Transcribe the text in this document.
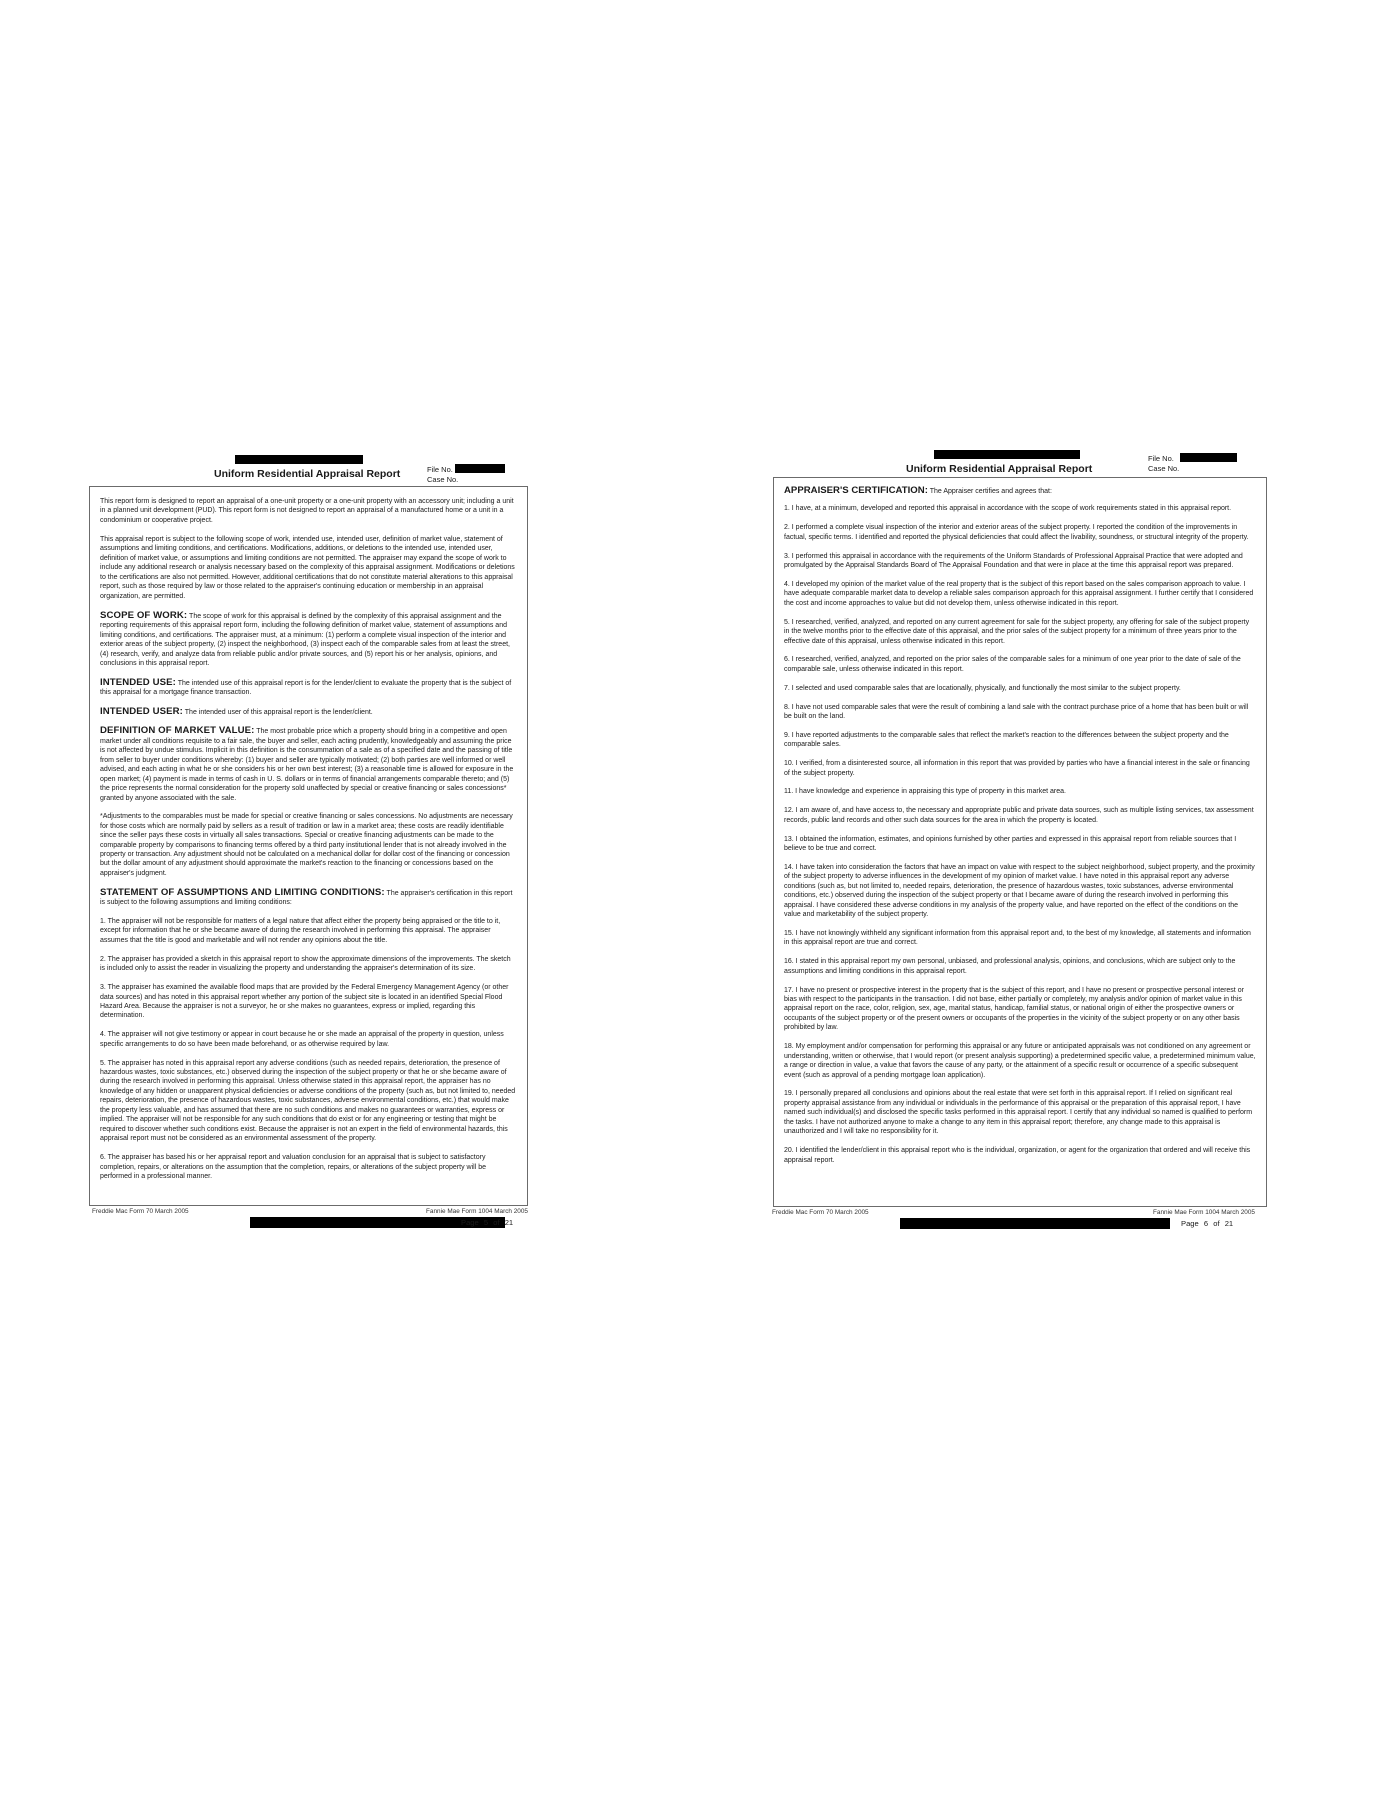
Uniform Residential Appraisal Report	File No.
Case No.

This report form is designed to report an appraisal of a one-unit property or a one-unit property with an accessory unit; including a unit in a planned unit development (PUD). This report form is not designed to report an appraisal of a manufactured home or a unit in a condominium or cooperative project.

This appraisal report is subject to the following scope of work, intended use, intended user, definition of market value, statement of assumptions and limiting conditions, and certifications. Modifications, additions, or deletions to the intended use, intended user, definition of market value, or assumptions and limiting conditions are not permitted. The appraiser may expand the scope of work to include any additional research or analysis necessary based on the complexity of this appraisal assignment. Modifications or deletions to the certifications are also not permitted. However, additional certifications that do not constitute material alterations to this appraisal report, such as those required by law or those related to the appraiser's continuing education or membership in an appraisal organization, are permitted.

SCOPE OF WORK: The scope of work for this appraisal is defined by the complexity of this appraisal assignment and the reporting requirements of this appraisal report form, including the following definition of market value, statement of assumptions and limiting conditions, and certifications. The appraiser must, at a minimum: (1) perform a complete visual inspection of the interior and exterior areas of the subject property, (2) inspect the neighborhood, (3) inspect each of the comparable sales from at least the street, (4) research, verify, and analyze data from reliable public and/or private sources, and (5) report his or her analysis, opinions, and conclusions in this appraisal report.
INTENDED USE: The intended use of this appraisal report is for the lender/client to evaluate the property that is the subject of this appraisal for a mortgage finance transaction.
INTENDED USER: The intended user of this appraisal report is the lender/client.
DEFINITION OF MARKET VALUE: The most probable price which a property should bring in a competitive and open market under all conditions requisite to a fair sale, the buyer and seller, each acting prudently, knowledgeably and assuming the price is not affected by undue stimulus. Implicit in this definition is the consummation of a sale as of a specified date and the passing of title from seller to buyer under conditions whereby: (1) buyer and seller are typically motivated; (2) both parties are well informed or well advised, and each acting in what he or she considers his or her own best interest; (3) a reasonable time is allowed for exposure in the open market; (4) payment is made in terms of cash in U. S. dollars or in terms of financial arrangements comparable thereto; and (5) the price represents the normal consideration for the property sold unaffected by special or creative financing or sales concessions* granted by anyone associated with the sale.

*Adjustments to the comparables must be made for special or creative financing or sales concessions. No adjustments are necessary for those costs which are normally paid by sellers as a result of tradition or law in a market area; these costs are readily identifiable since the seller pays these costs in virtually all sales transactions. Special or creative financing adjustments can be made to the comparable property by comparisons to financing terms offered by a third party institutional lender that is not already involved in the property or transaction. Any adjustment should not be calculated on a mechanical dollar for dollar cost of the financing or concession but the dollar amount of any adjustment should approximate the market's reaction to the financing or concessions based on the appraiser's judgment.

STATEMENT OF ASSUMPTIONS AND LIMITING CONDITIONS: The appraiser's certification in this report is subject to the following assumptions and limiting conditions:

1. The appraiser will not be responsible for matters of a legal nature that affect either the property being appraised or the title to it, except for information that he or she became aware of during the research involved in performing this appraisal. The appraiser assumes that the title is good and marketable and will not render any opinions about the title.

2. The appraiser has provided a sketch in this appraisal report to show the approximate dimensions of the improvements. The sketch is included only to assist the reader in visualizing the property and understanding the appraiser's determination of its size.

3. The appraiser has examined the available flood maps that are provided by the Federal Emergency Management Agency (or other data sources) and has noted in this appraisal report whether any portion of the subject site is located in an identified Special Flood Hazard Area. Because the appraiser is not a surveyor, he or she makes no guarantees, express or implied, regarding this determination.

4. The appraiser will not give testimony or appear in court because he or she made an appraisal of the property in question, unless specific arrangements to do so have been made beforehand, or as otherwise required by law.

5. The appraiser has noted in this appraisal report any adverse conditions (such as needed repairs, deterioration, the presence of hazardous wastes, toxic substances, etc.) observed during the inspection of the subject property or that he or she became aware of during the research involved in performing this appraisal. Unless otherwise stated in this appraisal report, the appraiser has no knowledge of any hidden or unapparent physical deficiencies or adverse conditions of the property (such as, but not limited to, needed repairs, deterioration, the presence of hazardous wastes, toxic substances, adverse environmental conditions, etc.) that would make the property less valuable, and has assumed that there are no such conditions and makes no guarantees or warranties, express or implied. The appraiser will not be responsible for any such conditions that do exist or for any engineering or testing that might be required to discover whether such conditions exist. Because the appraiser is not an expert in the field of environmental hazards, this appraisal report must not be considered as an environmental assessment of the property.

6. The appraiser has based his or her appraisal report and valuation conclusion for an appraisal that is subject to satisfactory completion, repairs, or alterations on the assumption that the completion, repairs, or alterations of the subject property will be performed in a professional manner.

Freddie Mac Form 70 March 2005	Fannie Mae Form 1004 March 2005
Page 5 of 21
Uniform Residential Appraisal Report
File No.
Case No.
APPRAISER'S CERTIFICATION: The Appraiser certifies and agrees that:

1. I have, at a minimum, developed and reported this appraisal in accordance with the scope of work requirements stated in this appraisal report.

2. I performed a complete visual inspection of the interior and exterior areas of the subject property. I reported the condition of the improvements in factual, specific terms. I identified and reported the physical deficiencies that could affect the livability, soundness, or structural integrity of the property.

3. I performed this appraisal in accordance with the requirements of the Uniform Standards of Professional Appraisal Practice that were adopted and promulgated by the Appraisal Standards Board of The Appraisal Foundation and that were in place at the time this appraisal report was prepared.

4. I developed my opinion of the market value of the real property that is the subject of this report based on the sales comparison approach to value. I have adequate comparable market data to develop a reliable sales comparison approach for this appraisal assignment. I further certify that I considered the cost and income approaches to value but did not develop them, unless otherwise indicated in this report.

5. I researched, verified, analyzed, and reported on any current agreement for sale for the subject property, any offering for sale of the subject property in the twelve months prior to the effective date of this appraisal, and the prior sales of the subject property for a minimum of three years prior to the effective date of this appraisal, unless otherwise indicated in this report.

6. I researched, verified, analyzed, and reported on the prior sales of the comparable sales for a minimum of one year prior to the date of sale of the comparable sale, unless otherwise indicated in this report.

7. I selected and used comparable sales that are locationally, physically, and functionally the most similar to the subject property.

8. I have not used comparable sales that were the result of combining a land sale with the contract purchase price of a home that has been built or will be built on the land.

9. I have reported adjustments to the comparable sales that reflect the market's reaction to the differences between the subject property and the comparable sales.

10. I verified, from a disinterested source, all information in this report that was provided by parties who have a financial interest in the sale or financing of the subject property.

11. I have knowledge and experience in appraising this type of property in this market area.

12. I am aware of, and have access to, the necessary and appropriate public and private data sources, such as multiple listing services, tax assessment records, public land records and other such data sources for the area in which the property is located.

13. I obtained the information, estimates, and opinions furnished by other parties and expressed in this appraisal report from reliable sources that I believe to be true and correct.

14. I have taken into consideration the factors that have an impact on value with respect to the subject neighborhood, subject property, and the proximity of the subject property to adverse influences in the development of my opinion of market value. I have noted in this appraisal report any adverse conditions (such as, but not limited to, needed repairs, deterioration, the presence of hazardous wastes, toxic substances, adverse environmental conditions, etc.) observed during the inspection of the subject property or that I became aware of during the research involved in performing this appraisal. I have considered these adverse conditions in my analysis of the property value, and have reported on the effect of the conditions on the value and marketability of the subject property.

15. I have not knowingly withheld any significant information from this appraisal report and, to the best of my knowledge, all statements and information in this appraisal report are true and correct.

16. I stated in this appraisal report my own personal, unbiased, and professional analysis, opinions, and conclusions, which are subject only to the assumptions and limiting conditions in this appraisal report.

17. I have no present or prospective interest in the property that is the subject of this report, and I have no present or prospective personal interest or bias with respect to the participants in the transaction. I did not base, either partially or completely, my analysis and/or opinion of market value in this appraisal report on the race, color, religion, sex, age, marital status, handicap, familial status, or national origin of either the prospective owners or occupants of the subject property or of the present owners or occupants of the properties in the vicinity of the subject property or on any other basis prohibited by law.

18. My employment and/or compensation for performing this appraisal or any future or anticipated appraisals was not conditioned on any agreement or understanding, written or otherwise, that I would report (or present analysis supporting) a predetermined specific value, a predetermined minimum value, a range or direction in value, a value that favors the cause of any party, or the attainment of a specific result or occurrence of a specific subsequent event (such as approval of a pending mortgage loan application).

19. I personally prepared all conclusions and opinions about the real estate that were set forth in this appraisal report. If I relied on significant real property appraisal assistance from any individual or individuals in the performance of this appraisal or the preparation of this appraisal report, I have named such individual(s) and disclosed the specific tasks performed in this appraisal report. I certify that any individual so named is qualified to perform the tasks. I have not authorized anyone to make a change to any item in this appraisal report; therefore, any change made to this appraisal is unauthorized and I will take no responsibility for it.

20. I identified the lender/client in this appraisal report who is the individual, organization, or agent for the organization that ordered and will receive this appraisal report.

Freddie Mac Form 70 March 2005	Fannie Mae Form 1004 March 2005
Page 6 of 21
